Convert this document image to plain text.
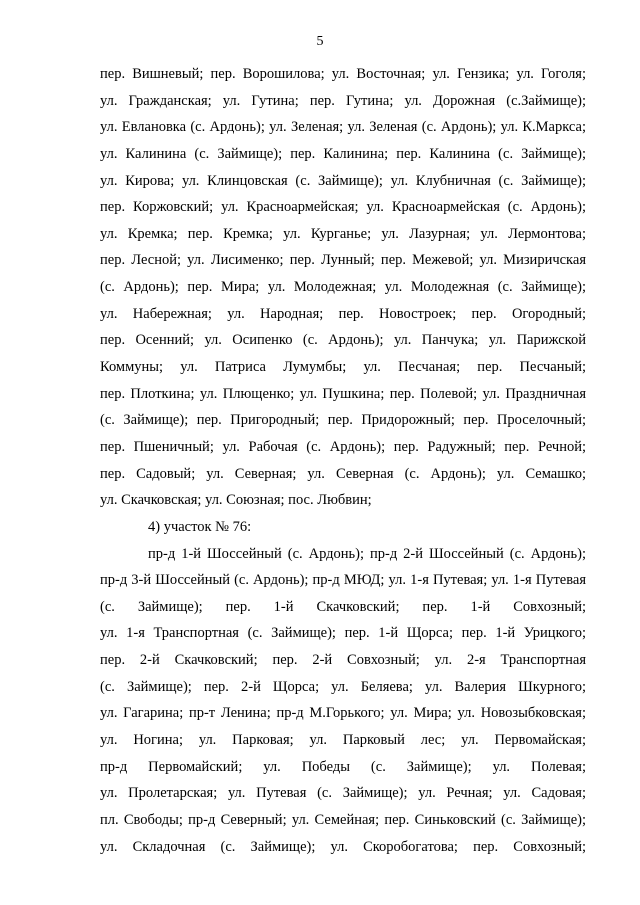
5
пер. Вишневый; пер. Ворошилова; ул. Восточная; ул. Гензика; ул. Гоголя;
ул. Гражданская; ул. Гутина; пер. Гутина; ул. Дорожная (с.Займище);
ул. Евлановка (с. Ардонь); ул. Зеленая; ул. Зеленая (с. Ардонь); ул. К.Маркса;
ул. Калинина (с. Займище); пер. Калинина; пер. Калинина (с. Займище);
ул. Кирова; ул. Клинцовская (с. Займище); ул. Клубничная (с. Займище);
пер. Коржовский; ул. Красноармейская; ул. Красноармейская (с. Ардонь);
ул. Кремка; пер. Кремка; ул. Курганье; ул. Лазурная; ул. Лермонтова;
пер. Лесной; ул. Лисименко; пер. Лунный; пер. Межевой; ул. Мизиричская
(с. Ардонь); пер. Мира; ул. Молодежная; ул. Молодежная (с. Займище);
ул. Набережная; ул. Народная; пер. Новостроек; пер. Огородный;
пер. Осенний; ул. Осипенко (с. Ардонь); ул. Панчука; ул. Парижской
Коммуны; ул. Патриса Лумумбы; ул. Песчаная; пер. Песчаный;
пер. Плоткина; ул. Плющенко; ул. Пушкина; пер. Полевой; ул. Праздничная
(с. Займище); пер. Пригородный; пер. Придорожный; пер. Проселочный;
пер. Пшеничный; ул. Рабочая (с. Ардонь); пер. Радужный; пер. Речной;
пер. Садовый; ул. Северная; ул. Северная (с. Ардонь); ул. Семашко;
ул. Скачковская; ул. Союзная; пос. Любвин;
4) участок № 76:
пр-д 1-й Шоссейный (с. Ардонь); пр-д 2-й Шоссейный (с. Ардонь);
пр-д 3-й Шоссейный (с. Ардонь); пр-д МЮД; ул. 1-я Путевая; ул. 1-я Путевая
(с. Займище); пер. 1-й Скачковский; пер. 1-й Совхозный;
ул. 1-я Транспортная (с. Займище); пер. 1-й Щорса; пер. 1-й Урицкого;
пер. 2-й Скачковский; пер. 2-й Совхозный; ул. 2-я Транспортная
(с. Займище); пер. 2-й Щорса; ул. Беляева; ул. Валерия Шкурного;
ул. Гагарина; пр-т Ленина; пр-д М.Горького; ул. Мира; ул. Новозыбковская;
ул. Ногина; ул. Парковая; ул. Парковый лес; ул. Первомайская;
пр-д Первомайский; ул. Победы (с. Займище); ул. Полевая;
ул. Пролетарская; ул. Путевая (с. Займище); ул. Речная; ул. Садовая;
пл. Свободы; пр-д Северный; ул. Семейная; пер. Синьковский (с. Займище);
ул. Складочная (с. Займище); ул. Скоробогатова; пер. Совхозный;
